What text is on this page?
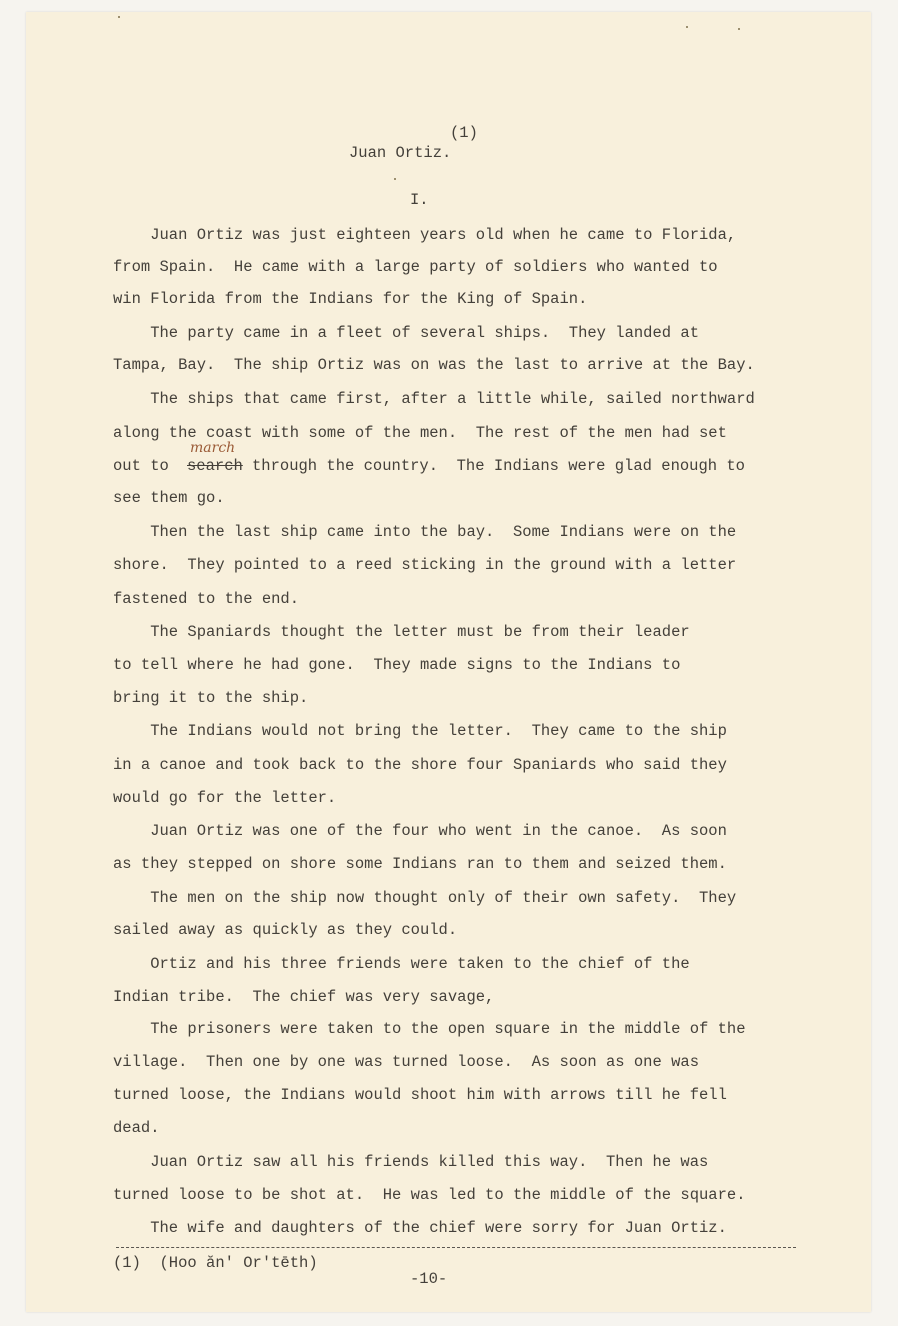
(1)
Juan Ortiz.
I.
Juan Ortiz was just eighteen years old when he came to Florida,
from Spain.  He came with a large party of soldiers who wanted to
win Florida from the Indians for the King of Spain.
The party came in a fleet of several ships.  They landed at
Tampa, Bay.  The ship Ortiz was on was the last to arrive at the Bay.
The ships that came first, after a little while, sailed northward
along the coast with some of the men.  The rest of the men had set
out to search
march
through the country.  The Indians were glad enough to
see them go.
Then the last ship came into the bay.  Some Indians were on the
shore.  They pointed to a reed sticking in the ground with a letter
fastened to the end.
The Spaniards thought the letter must be from their leader
to tell where he had gone.  They made signs to the Indians to
bring it to the ship.
The Indians would not bring the letter.  They came to the ship
in a canoe and took back to the shore four Spaniards who said they
would go for the letter.
Juan Ortiz was one of the four who went in the canoe.  As soon
as they stepped on shore some Indians ran to them and seized them.
The men on the ship now thought only of their own safety.  They
sailed away as quickly as they could.
Ortiz and his three friends were taken to the chief of the
Indian tribe.  The chief was very savage,
The prisoners were taken to the open square in the middle of the
village.  Then one by one was turned loose.  As soon as one was
turned loose, the Indians would shoot him with arrows till he fell
dead.
Juan Ortiz saw all his friends killed this way.  Then he was
turned loose to be shot at.  He was led to the middle of the square.
The wife and daughters of the chief were sorry for Juan Ortiz.
(1)  (Hoo ăn′ Or′tēth)
-10-
